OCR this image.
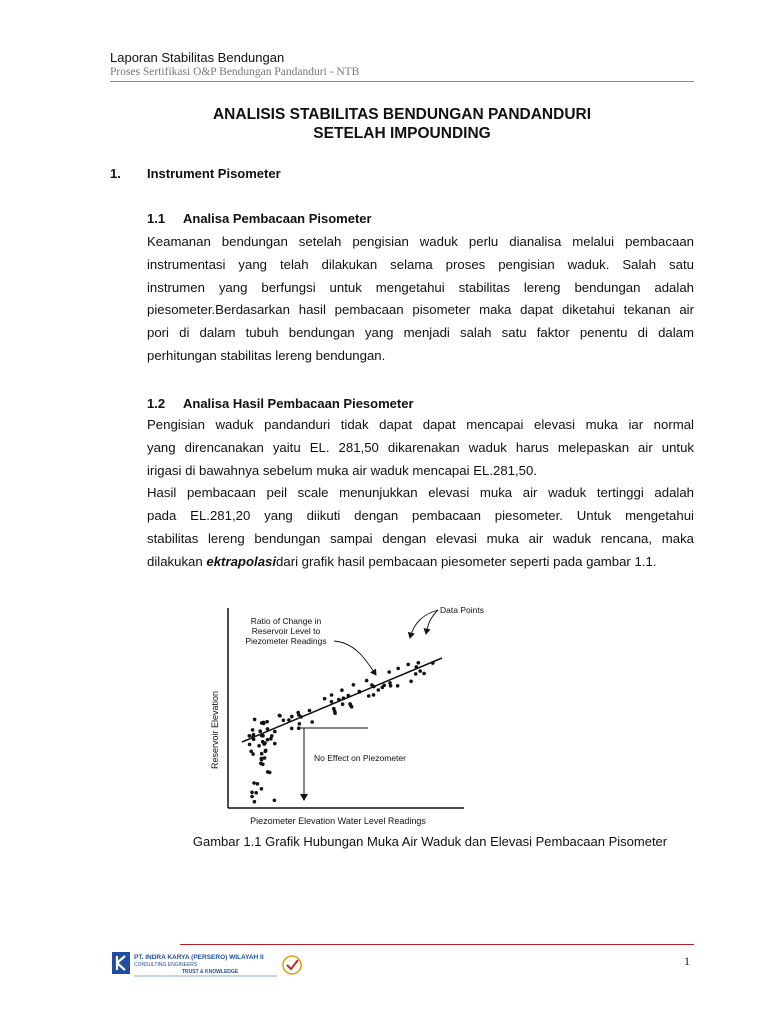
Laporan Stabilitas Bendungan
Proses Sertifikasi O&P Bendungan Pandanduri - NTB
ANALISIS STABILITAS BENDUNGAN PANDANDURI
SETELAH IMPOUNDING
1. Instrument Pisometer
1.1 Analisa Pembacaan Pisometer
Keamanan bendungan setelah pengisian waduk perlu dianalisa melalui pembacaan
instrumentasi yang telah dilakukan selama proses pengisian waduk. Salah satu
instrumen yang berfungsi untuk mengetahui stabilitas lereng bendungan adalah
piesometer.Berdasarkan hasil pembacaan pisometer maka dapat diketahui tekanan air
pori di dalam tubuh bendungan yang menjadi salah satu faktor penentu di dalam
perhitungan stabilitas lereng bendungan.
1.2 Analisa Hasil Pembacaan Piesometer
Pengisian waduk pandanduri tidak dapat dapat mencapai elevasi muka iar normal
yang direncanakan yaitu EL. 281,50 dikarenakan waduk harus melepaskan air untuk
irigasi di bawahnya sebelum muka air waduk mencapai EL.281,50.
Hasil pembacaan peil scale menunjukkan elevasi muka air waduk tertinggi adalah
pada EL.281,20 yang diikuti dengan pembacaan piesometer. Untuk mengetahui
stabilitas lereng bendungan sampai dengan elevasi muka air waduk rencana, maka
dilakukan ektrapolasidari grafik hasil pembacaan piesometer seperti pada gambar 1.1.
Reservoir Elevation
Piezometer Elevation Water Level Readings
No Effect on Piezometer
Ratio of Change in
Reservoir Level to
Piezometer Readings
Data Points
Gambar 1.1 Grafik Hubungan Muka Air Waduk dan Elevasi Pembacaan Pisometer
PT. INDRA KARYA (PERSERO) WILAYAH II
CONSULTING ENGINEERS
TRUST & KNOWLEDGE
1
